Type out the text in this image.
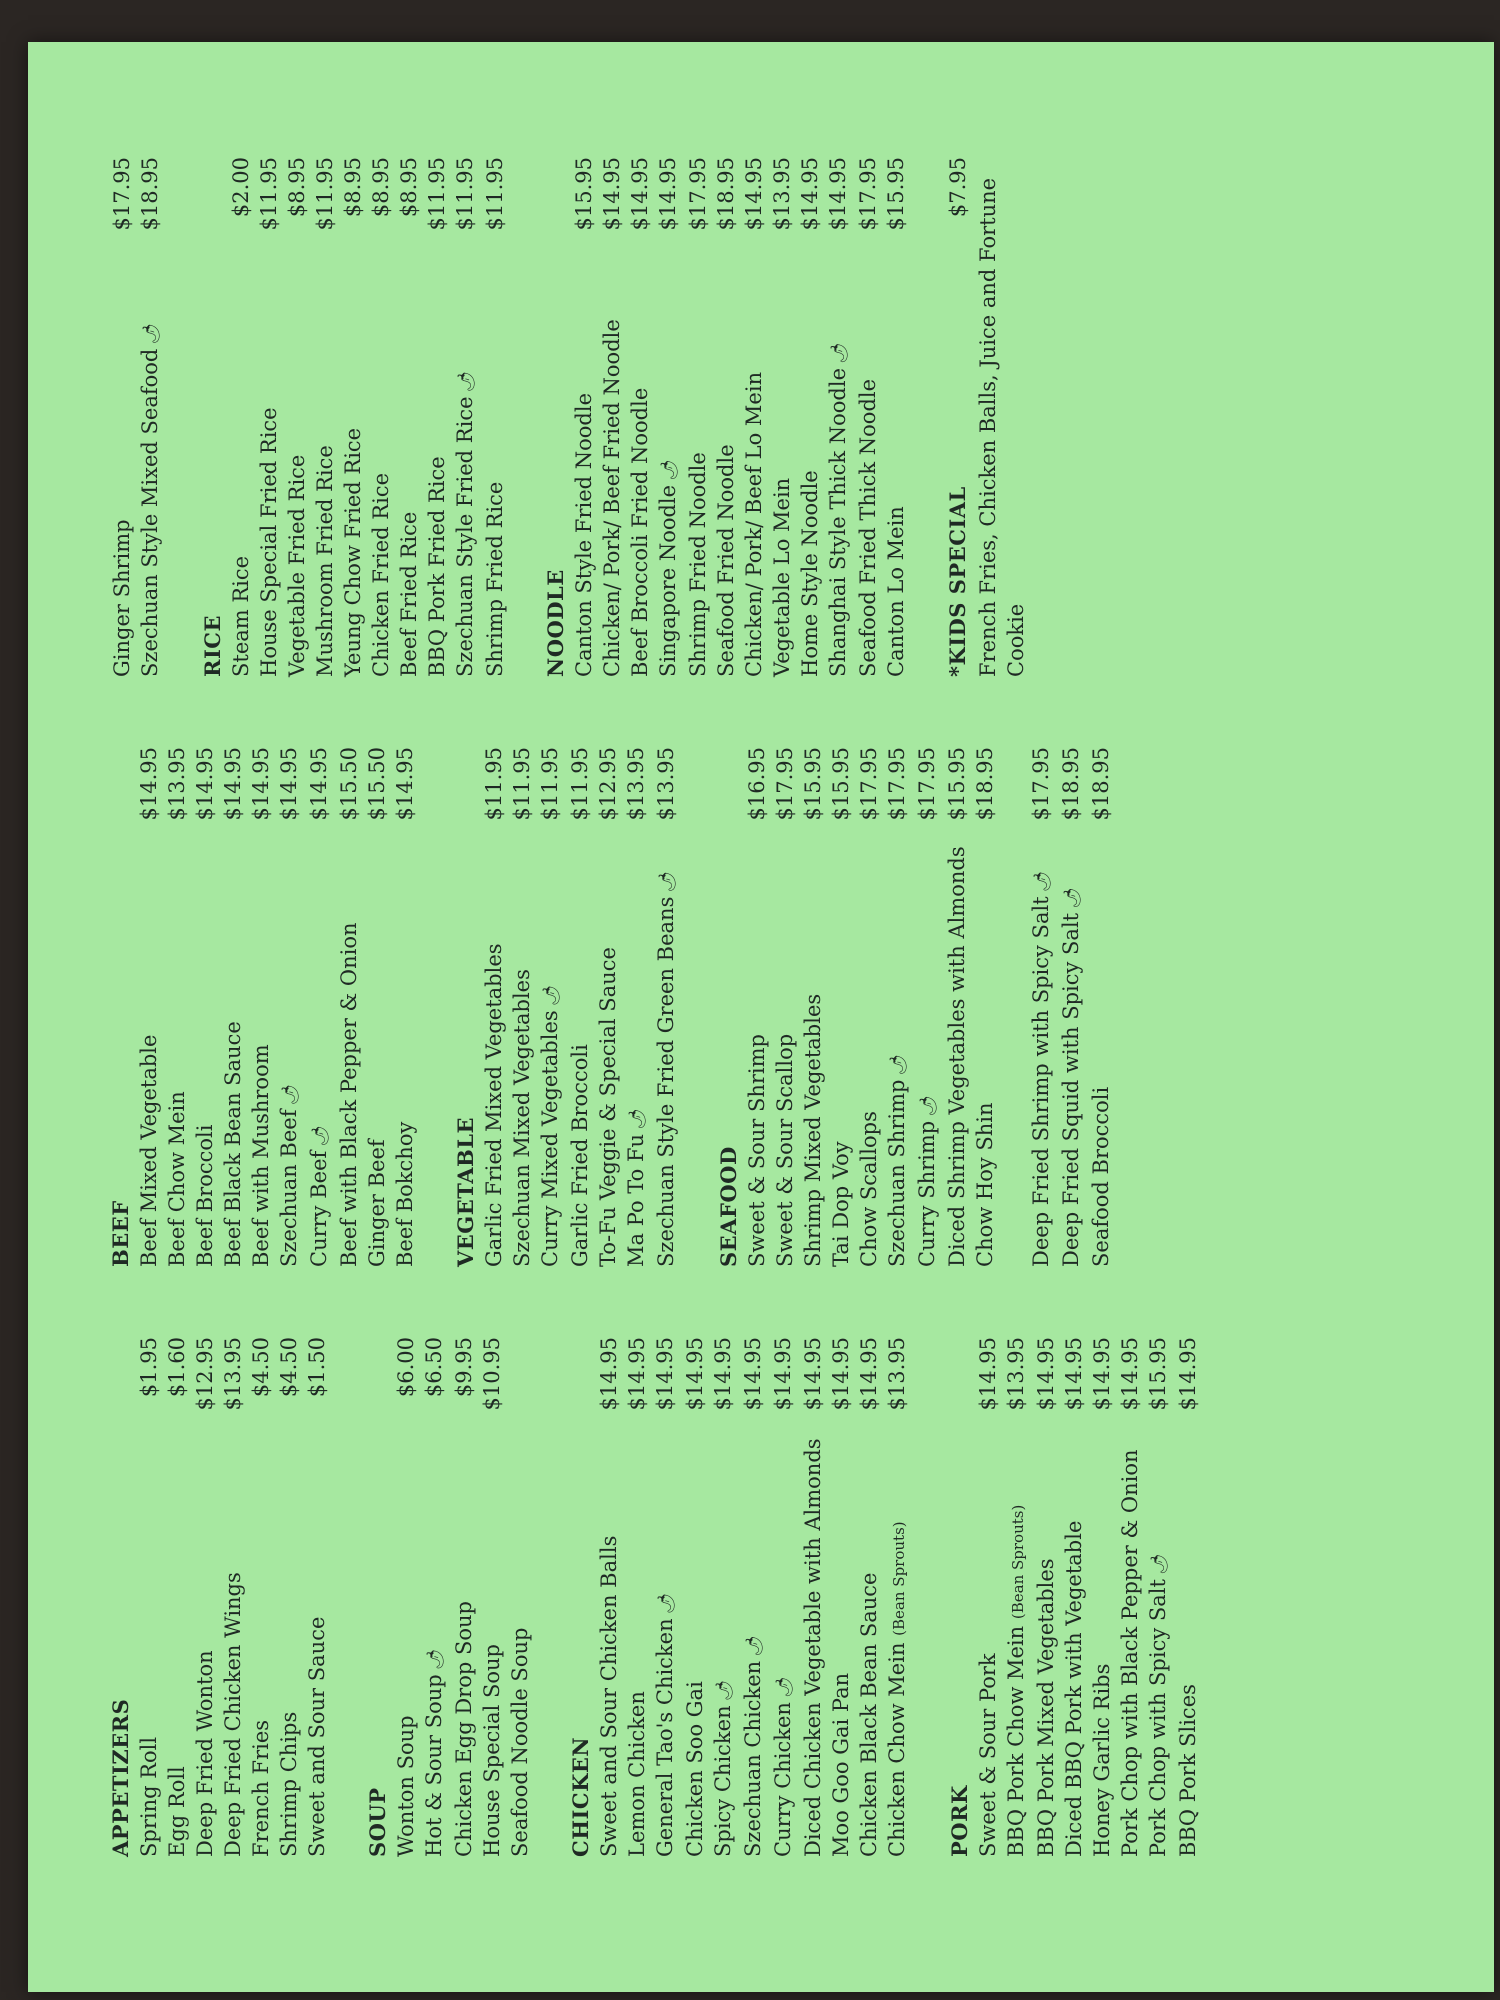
APPETIZERS Spring Roll
$1.95
Egg Roll
$1.60
Deep Fried Wonton
$12.95
Deep Fried Chicken Wings
$13.95
French Fries
$4.50
Shrimp Chips
$4.50
Sweet and Sour Sauce
$1.50
SOUP Wonton Soup
$6.00
Hot & Sour Soup🌶
$6.50
Chicken Egg Drop Soup
$9.95
House Special Soup
$10.95
Seafood Noodle Soup CHICKEN Sweet and Sour Chicken Balls
$14.95
Lemon Chicken
$14.95
General Tao's Chicken🌶
$14.95
Chicken Soo Gai
$14.95
Spicy Chicken🌶
$14.95
Szechuan Chicken🌶
$14.95
Curry Chicken🌶
$14.95
Diced Chicken Vegetable with Almonds
$14.95
Moo Goo Gai Pan
$14.95
Chicken Black Bean Sauce
$14.95
Chicken Chow Mein (Bean Sprouts)
$13.95
PORK Sweet & Sour Pork
$14.95
BBQ Pork Chow Mein (Bean Sprouts)
$13.95
BBQ Pork Mixed Vegetables
$14.95
Diced BBQ Pork with Vegetable
$14.95
Honey Garlic Ribs
$14.95
Pork Chop with Black Pepper & Onion
$14.95
Pork Chop with Spicy Salt🌶
$15.95
BBQ Pork Slices
$14.95
BEEF Beef Mixed Vegetable
$14.95
Beef Chow Mein
$13.95
Beef Broccoli
$14.95
Beef Black Bean Sauce
$14.95
Beef with Mushroom
$14.95
Szechuan Beef🌶
$14.95
Curry Beef🌶
$14.95
Beef with Black Pepper & Onion
$15.50
Ginger Beef
$15.50
Beef Bokchoy
$14.95
VEGETABLE Garlic Fried Mixed Vegetables
$11.95
Szechuan Mixed Vegetables
$11.95
Curry Mixed Vegetables🌶
$11.95
Garlic Fried Broccoli
$11.95
To-Fu Veggie & Special Sauce
$12.95
Ma Po To Fu🌶
$13.95
Szechuan Style Fried Green Beans🌶
$13.95
SEAFOOD Sweet & Sour Shrimp
$16.95
Sweet & Sour Scallop
$17.95
Shrimp Mixed Vegetables
$15.95
Tai Dop Voy
$15.95
Chow Scallops
$17.95
Szechuan Shrimp🌶
$17.95
Curry Shrimp🌶
$17.95
Diced Shrimp Vegetables with Almonds
$15.95
Chow Hoy Shin
$18.95
Deep Fried Shrimp with Spicy Salt🌶
$17.95
Deep Fried Squid with Spicy Salt🌶
$18.95
Seafood Broccoli
$18.95
Ginger Shrimp
$17.95
Szechuan Style Mixed Seafood🌶
$18.95
RICE Steam Rice
$2.00
House Special Fried Rice
$11.95
Vegetable Fried Rice
$8.95
Mushroom Fried Rice
$11.95
Yeung Chow Fried Rice
$8.95
Chicken Fried Rice
$8.95
Beef Fried Rice
$8.95
BBQ Pork Fried Rice
$11.95
Szechuan Style Fried Rice🌶
$11.95
Shrimp Fried Rice
$11.95
NOODLE Canton Style Fried Noodle
$15.95
Chicken/ Pork/ Beef Fried Noodle
$14.95
Beef Broccoli Fried Noodle
$14.95
Singapore Noodle🌶
$14.95
Shrimp Fried Noodle
$17.95
Seafood Fried Noodle
$18.95
Chicken/ Pork/ Beef Lo Mein
$14.95
Vegetable Lo Mein
$13.95
Home Style Noodle
$14.95
Shanghai Style Thick Noodle🌶
$14.95
Seafood Fried Thick Noodle
$17.95
Canton Lo Mein
$15.95
*KIDS SPECIAL
$7.95 French Fries, Chicken Balls, Juice and Fortune Cookie
